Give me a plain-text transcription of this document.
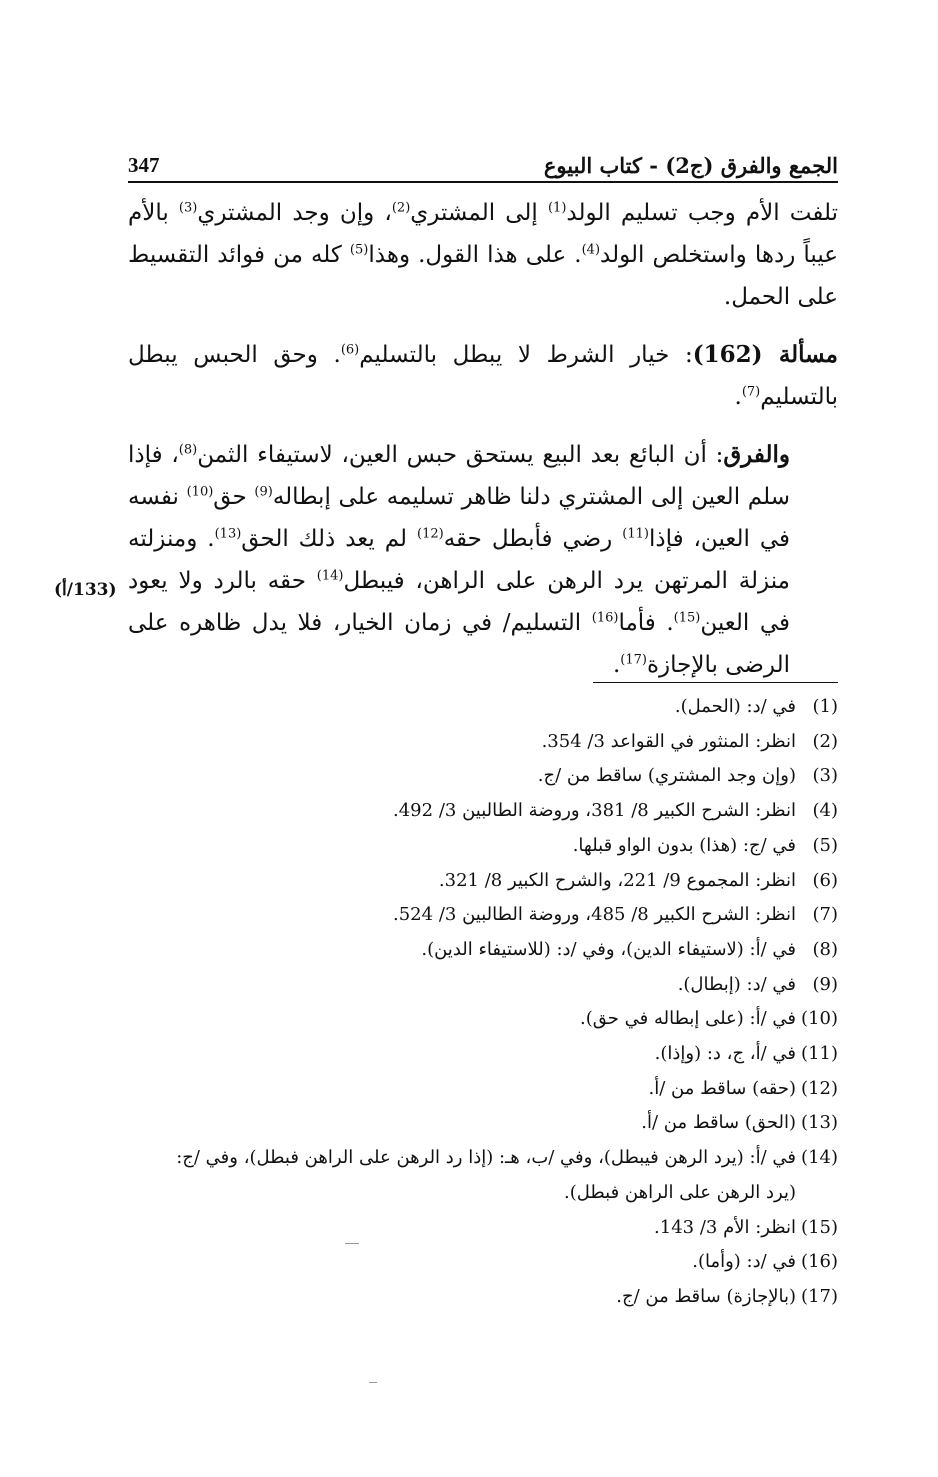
347	الجمع والفرق (ج2) - كتاب البيوع

تلفت الأم وجب تسليم الولد$^{(1)}$ إلى المشتري$^{(2)}$، وإن وجد المشتري$^{(3)}$ بالأم عيباً ردها واستخلص الولد$^{(4)}$. على هذا القول. وهذا$^{(5)}$ كله من فوائد التقسيط على الحمل.

مسألة (162): خيار الشرط لا يبطل بالتسليم$^{(6)}$. وحق الحبس يبطل بالتسليم$^{(7)}$.

والفرق: أن البائع بعد البيع يستحق حبس العين، لاستيفاء الثمن$^{(8)}$، فإذا سلم العين إلى المشتري دلنا ظاهر تسليمه على إبطاله$^{(9)}$ حق$^{(10)}$ نفسه في العين، فإذا$^{(11)}$ رضي فأبطل حقه$^{(12)}$ لم يعد ذلك الحق$^{(13)}$. ومنزلته منزلة المرتهن يرد الرهن على الراهن، فيبطل$^{(14)}$ حقه بالرد ولا يعود في العين$^{(15)}$. فأما$^{(16)}$ التسليم/ في زمان الخيار، فلا يدل ظاهره على الرضى بالإجازة$^{(17)}$.

(133/أ)
(1)
في /د: (الحمل).
(2)
انظر: المنثور في القواعد 3/ 354.
(3)
(وإن وجد المشتري) ساقط من /ج.
(4)
انظر: الشرح الكبير 8/ 381، وروضة الطالبين 3/ 492.
(5)
في /ج: (هذا) بدون الواو قبلها.
(6)
انظر: المجموع 9/ 221، والشرح الكبير 8/ 321.
(7)
انظر: الشرح الكبير 8/ 485، وروضة الطالبين 3/ 524.
(8)
في /أ: (لاستيفاء الدين)، وفي /د: (للاستيفاء الدين).
(9)
في /د: (إبطال).
(10)
في /أ: (على إبطاله في حق).
(11)
في /أ، ج، د: (وإذا).
(12)
(حقه) ساقط من /أ.
(13)
(الحق) ساقط من /أ.
(14)
في /أ: (يرد الرهن فيبطل)، وفي /ب، هـ: (إذا رد الرهن على الراهن فبطل)، وفي /ج:
(يرد الرهن على الراهن فبطل).
(15)
انظر: الأم 3/ 143.
(16)
في /د: (وأما).
(17)
(بالإجازة) ساقط من /ج.
